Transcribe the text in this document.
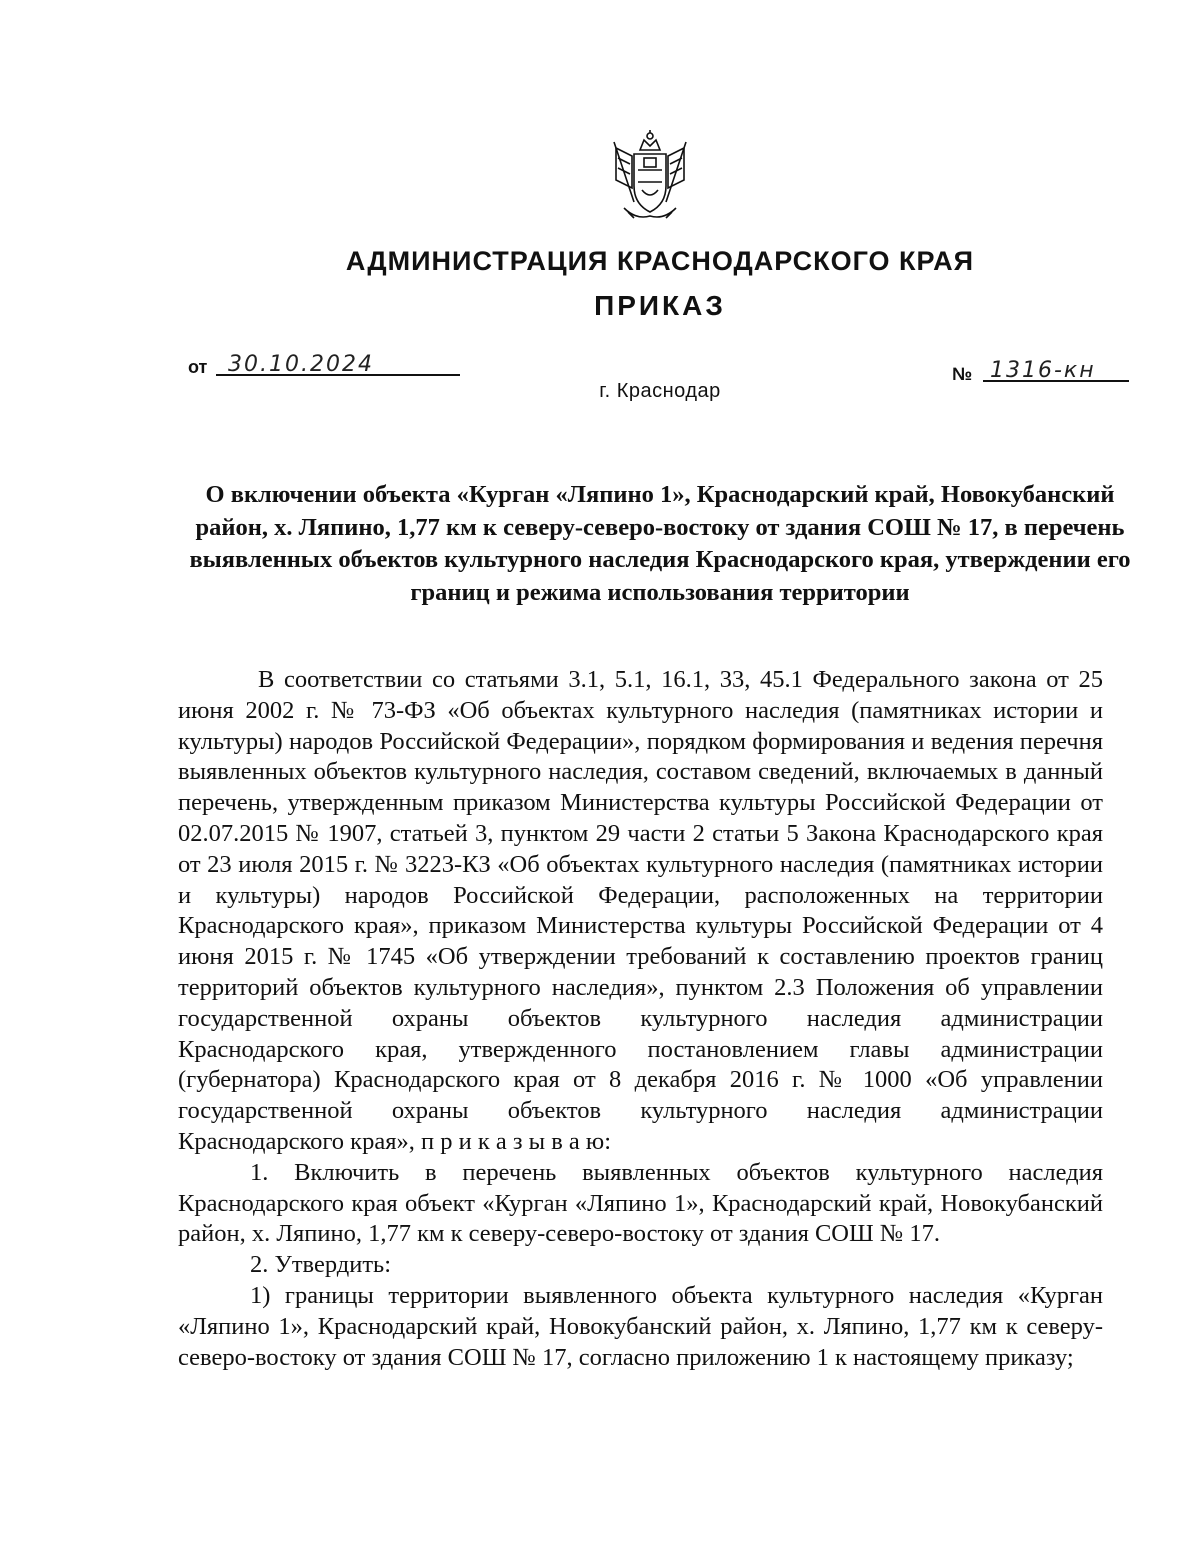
АДМИНИСТРАЦИЯ КРАСНОДАРСКОГО КРАЯ
ПРИКАЗ
от 30.10.2024	№ 1316-кн
г. Краснодар
О включении объекта «Курган «Ляпино 1», Краснодарский край, Новокубанский район, х. Ляпино, 1,77 км к северу-северо-востоку от здания СОШ № 17, в перечень выявленных объектов культурного наследия Краснодарского края, утверждении его границ и режима использования территории

В соответствии со статьями 3.1, 5.1, 16.1, 33, 45.1 Федерального закона от 25 июня 2002 г. № 73-ФЗ «Об объектах культурного наследия (памятниках истории и культуры) народов Российской Федерации», порядком формирования и ведения перечня выявленных объектов культурного наследия, составом сведений, включаемых в данный перечень, утвержденным приказом Министерства культуры Российской Федерации от 02.07.2015 № 1907, статьей 3, пунктом 29 части 2 статьи 5 Закона Краснодарского края от 23 июля 2015 г. № 3223-КЗ «Об объектах культурного наследия (памятниках истории и культуры) народов Российской Федерации, расположенных на территории Краснодарского края», приказом Министерства культуры Российской Федерации от 4 июня 2015 г. № 1745 «Об утверждении требований к составлению проектов границ территорий объектов культурного наследия», пунктом 2.3 Положения об управлении государственной охраны объектов культурного наследия администрации Краснодарского края, утвержденного постановлением главы администрации (губернатора) Краснодарского края от 8 декабря 2016 г. № 1000 «Об управлении государственной охраны объектов культурного наследия администрации Краснодарского края», п р и к а з ы в а ю:

1. Включить в перечень выявленных объектов культурного наследия Краснодарского края объект «Курган «Ляпино 1», Краснодарский край, Новокубанский район, х. Ляпино, 1,77 км к северу-северо-востоку от здания СОШ № 17.

2. Утвердить:

1) границы территории выявленного объекта культурного наследия «Курган «Ляпино 1», Краснодарский край, Новокубанский район, х. Ляпино, 1,77 км к северу-северо-востоку от здания СОШ № 17, согласно приложению 1 к настоящему приказу;
